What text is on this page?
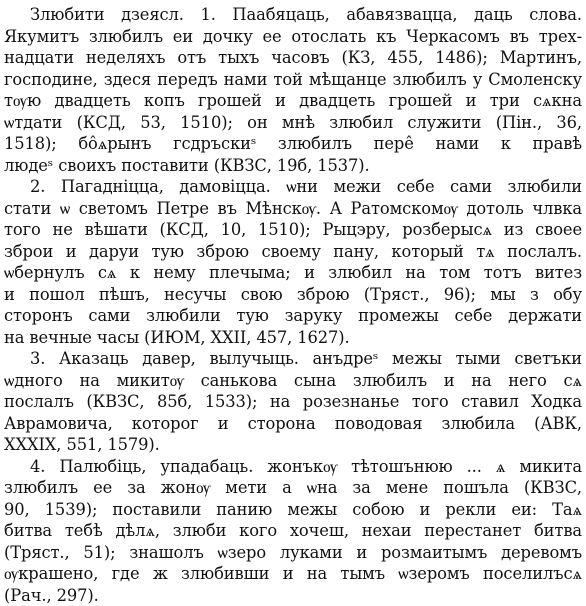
Злюбити дзеясл. 1. Паабяцаць, абавязвацца, даць слова.
Якумитъ злюбилъ еи дочку ее отослать къ Черкасомъ въ трех-
надцати неделяхъ отъ тыхъ часовъ (КЗ, 455, 1486); Мартинъ,
господине, здеся передъ нами той мѣщанце злюбилъ у Смоленску
тѹю двадцеть копъ грошей и двадцеть грошей и три сѧкна
ѡтдати (КСД, 53, 1510); он мнѣ злюбил служити (Пін., 36,
1518); бо̂ѧрынъ гсдръскиˢ злюбилъ пере̂ нами к правѣ
людеˢ своихъ поставити (КВЗС, 19б, 1537).
2. Пагадніцца, дамовіцца. ѡни межи себе сами злюбили
стати ѡ светомъ Петре въ Мѣнскѹ. А Ратомскомѹ дотоль члвка
того не вѣшати (КСД, 10, 1510); Рыцэру, розберысѧ из своее
зброи и даруи тую зброю своему пану, который тѧ послалъ.
ѡбернулъ сѧ к нему плечыма; и злюбил на том тотъ витез
и пошол пѣшъ, несучы свою зброю (Тряст., 96); мы з обу
сторонъ сами злюбили тую заруку промежы себе держати
на вечные часы (ИЮМ, XXII, 457, 1627).
3. Аказаць давер, вылучыць. анъдреˢ межы тыми светъки
ѡдного на микитѹ санькова сына злюбилъ и на него сѧ
послалъ (КВЗС, 85б, 1533); на розезнанье того ставил Ходка
Аврамовича, которог и сторона поводовая злюбила (АВК,
XXXIX, 551, 1579).
4. Палюбіць, упадабаць. жонъкѹ тѣтошънюю ... ѧ микита
злюбилъ ее за жонѹ мети а ѡна за мене пошъла (КВЗС,
90, 1539); поставили панию межы собою и рекли еи: Таѧ
битва тебѣ дѣлѧ, злюби кого хочеш, нехаи перестанет битва
(Тряст., 51); знашолъ ѡзеро луками и розмаитымъ деревомъ
ѹкрашено, где ж злюбивши и на тымъ ѡзеромъ поселилъсѧ
(Рач., 297).
